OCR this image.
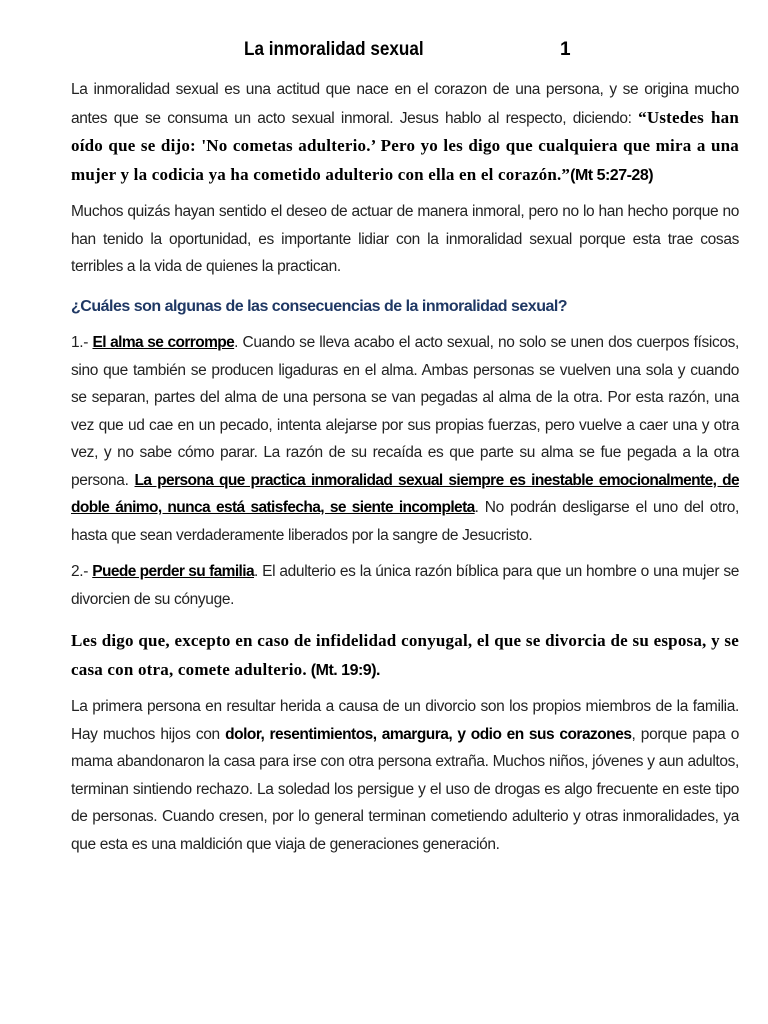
La inmoralidad sexual	1

La inmoralidad sexual es una actitud que nace en el corazon de una persona, y se origina mucho antes que se consuma un acto sexual inmoral. Jesus hablo al respecto, diciendo: “Ustedes han oído que se dijo: 'No cometas adulterio.’ Pero yo les digo que cualquiera que mira a una mujer y la codicia ya ha cometido adulterio con ella en el corazón.”(Mt 5:27-28)

Muchos quizás hayan sentido el deseo de actuar de manera inmoral, pero no lo han hecho porque no han tenido la oportunidad, es importante lidiar con la inmoralidad sexual porque esta trae cosas terribles a la vida de quienes la practican.

¿Cuáles son algunas de las consecuencias de la inmoralidad sexual?

1.- El alma se corrompe. Cuando se lleva acabo el acto sexual, no solo se unen dos cuerpos físicos, sino que también se producen ligaduras en el alma. Ambas personas se vuelven una sola y cuando se separan, partes del alma de una persona se van pegadas al alma de la otra. Por esta razón, una vez que ud cae en un pecado, intenta alejarse por sus propias fuerzas, pero vuelve a caer una y otra vez, y no sabe cómo parar. La razón de su recaída es que parte su alma se fue pegada a la otra persona. La persona que practica inmoralidad sexual siempre es inestable emocionalmente, de doble ánimo, nunca está satisfecha, se siente incompleta. No podrán desligarse el uno del otro, hasta que sean verdaderamente liberados por la sangre de Jesucristo.

2.- Puede perder su familia. El adulterio es la única razón bíblica para que un hombre o una mujer se divorcien de su cónyuge.

Les digo que, excepto en caso de infidelidad conyugal, el que se divorcia de su esposa, y se casa con otra, comete adulterio. (Mt. 19:9).

La primera persona en resultar herida a causa de un divorcio son los propios miembros de la familia. Hay muchos hijos con dolor, resentimientos, amargura, y odio en sus corazones, porque papa o mama abandonaron la casa para irse con otra persona extraña. Muchos niños, jóvenes y aun adultos, terminan sintiendo rechazo. La soledad los persigue y el uso de drogas es algo frecuente en este tipo de personas. Cuando cresen, por lo general terminan cometiendo adulterio y otras inmoralidades, ya que esta es una maldición que viaja de generaciones generación.
